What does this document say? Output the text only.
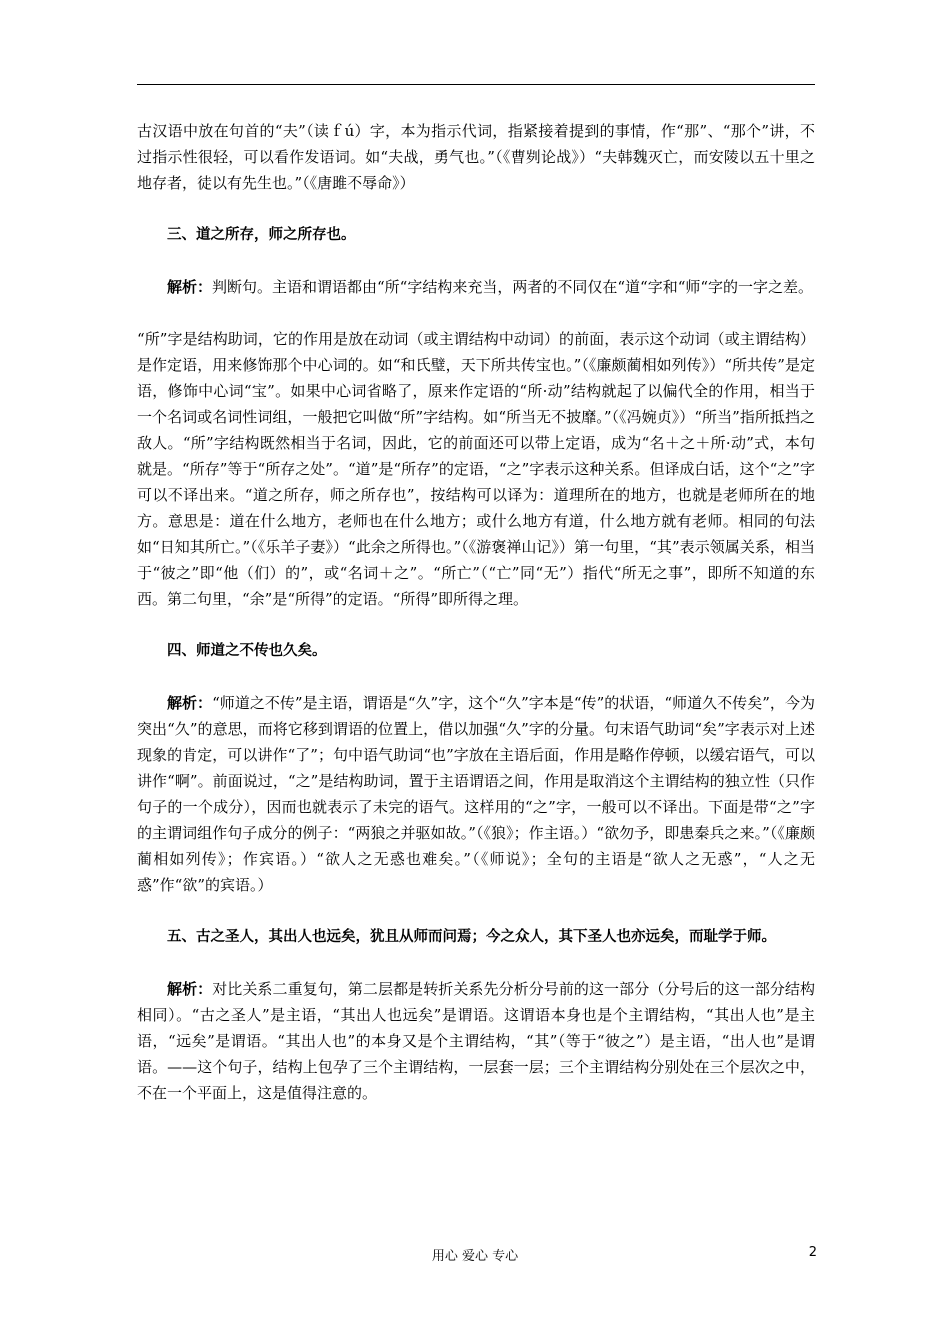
古汉语中放在句首的“夫”（读ｆú）字，本为指示代词，指紧接着提到的事情，作“那”、“那个”讲，不过指示性很轻，可以看作发语词。如“夫战，勇气也。”（《曹刿论战》）“夫韩魏灭亡，而安陵以五十里之地存者，徒以有先生也。”（《唐雎不辱命》）

三、道之所存，师之所存也。

解析：判断句。主语和谓语都由“所“字结构来充当，两者的不同仅在“道“字和“师“字的一字之差。

“所”字是结构助词，它的作用是放在动词（或主谓结构中动词）的前面，表示这个动词（或主谓结构）是作定语，用来修饰那个中心词的。如“和氏璧，天下所共传宝也。”（《廉颇蔺相如列传》）“所共传”是定语，修饰中心词“宝”。如果中心词省略了，原来作定语的“所·动”结构就起了以偏代全的作用，相当于一个名词或名词性词组，一般把它叫做“所”字结构。如“所当无不披靡。”（《冯婉贞》）“所当”指所抵挡之敌人。“所”字结构既然相当于名词，因此，它的前面还可以带上定语，成为“名＋之＋所·动”式，本句就是。“所存”等于“所存之处”。“道”是“所存”的定语，“之”字表示这种关系。但译成白话，这个“之”字可以不译出来。“道之所存，师之所存也”，按结构可以译为：道理所在的地方，也就是老师所在的地方。意思是：道在什么地方，老师也在什么地方；或什么地方有道，什么地方就有老师。相同的句法如“日知其所亡。”（《乐羊子妻》）“此余之所得也。”（《游褒禅山记》）第一句里，“其”表示领属关系，相当于“彼之”即“他（们）的”，或“名词＋之”。“所亡”（“亡”同“无”）指代“所无之事”，即所不知道的东西。第二句里，“余”是“所得”的定语。“所得”即所得之理。

四、师道之不传也久矣。

解析：“师道之不传”是主语，谓语是“久”字，这个“久”字本是“传”的状语，“师道久不传矣”，今为突出“久”的意思，而将它移到谓语的位置上，借以加强“久”字的分量。句末语气助词“矣”字表示对上述现象的肯定，可以讲作“了”；句中语气助词“也”字放在主语后面，作用是略作停顿，以缓宕语气，可以讲作“啊”。前面说过，“之”是结构助词，置于主语谓语之间，作用是取消这个主谓结构的独立性（只作句子的一个成分），因而也就表示了未完的语气。这样用的“之”字，一般可以不译出。下面是带“之”字的主谓词组作句子成分的例子：“两狼之并驱如故。”（《狼》；作主语。）“欲勿予，即患秦兵之来。”（《廉颇蔺相如列传》；作宾语。）“欲人之无惑也难矣。”（《师说》；全句的主语是“欲人之无惑”，“人之无惑”作“欲”的宾语。）

五、古之圣人，其出人也远矣，犹且从师而问焉；今之众人，其下圣人也亦远矣，而耻学于师。

解析：对比关系二重复句，第二层都是转折关系先分析分号前的这一部分（分号后的这一部分结构相同）。“古之圣人”是主语，“其出人也远矣”是谓语。这谓语本身也是个主谓结构，“其出人也”是主语，“远矣”是谓语。“其出人也”的本身又是个主谓结构，“其”（等于“彼之”）是主语，“出人也”是谓语。——这个句子，结构上包孕了三个主谓结构，一层套一层；三个主谓结构分别处在三个层次之中，不在一个平面上，这是值得注意的。

用心 爱心 专心	2
